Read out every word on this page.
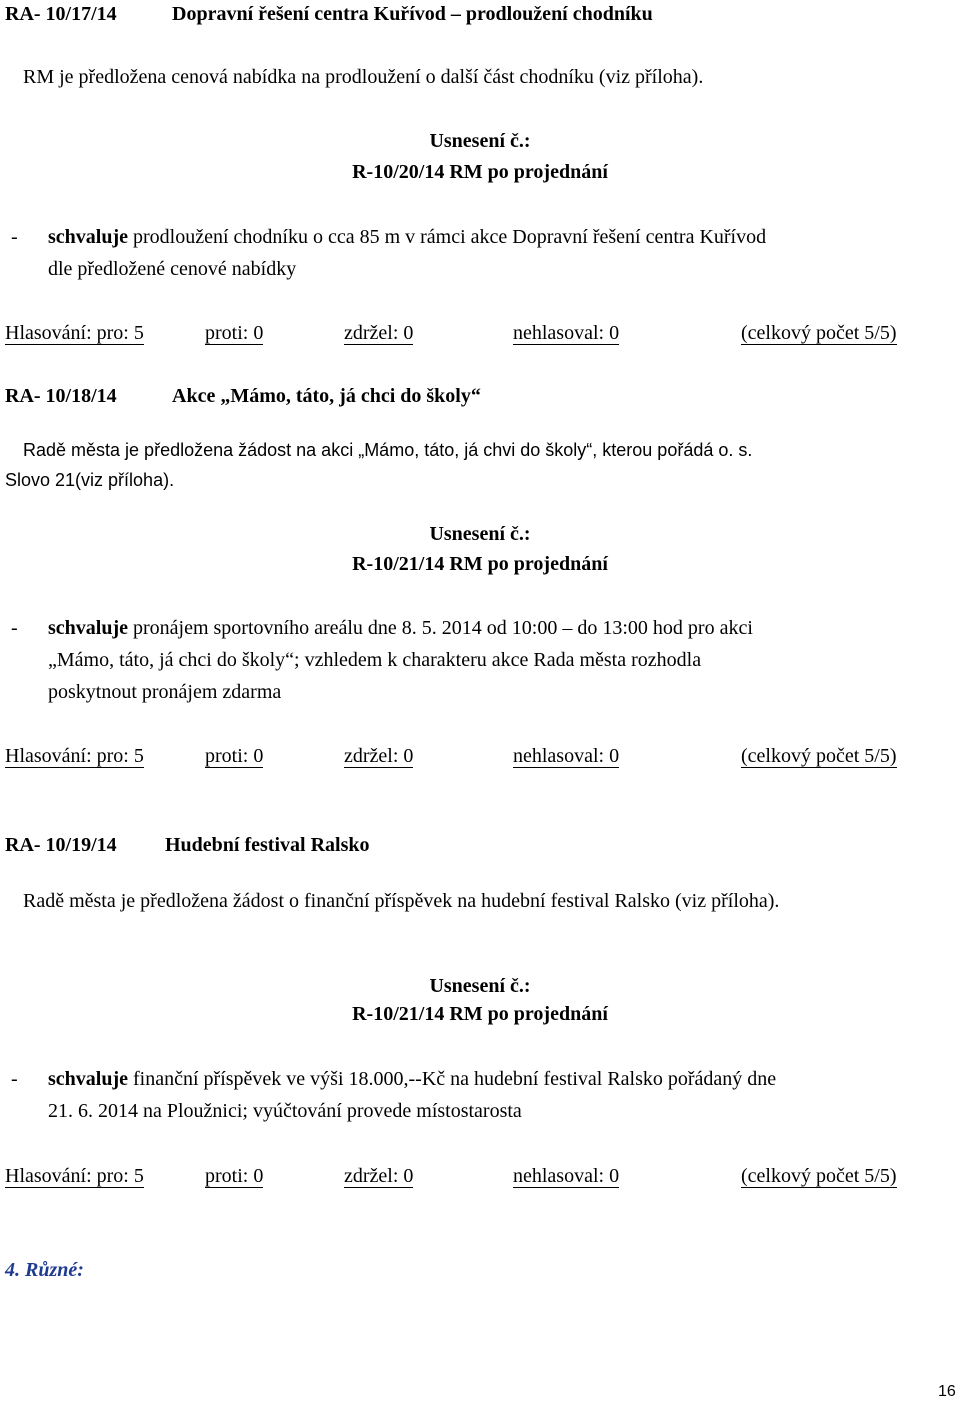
RA- 10/17/14	Dopravní řešení centra Kuřívod – prodloužení chodníku
RM je předložena cenová nabídka na prodloužení o další část chodníku (viz příloha).
Usnesení č.:
R-10/20/14 RM po projednání
- schvaluje prodloužení chodníku o cca 85 m v rámci akce Dopravní řešení centra Kuřívod
dle předložené cenové nabídky
Hlasování: pro: 5	proti: 0	zdržel: 0	nehlasoval: 0	(celkový počet 5/5)
RA- 10/18/14	Akce „Mámo, táto, já chci do školy“
Radě města je předložena žádost na akci „Mámo, táto, já chvi do školy“, kterou pořádá o. s.
Slovo 21(viz příloha).
Usnesení č.:
R-10/21/14 RM po projednání
- schvaluje pronájem sportovního areálu dne 8. 5. 2014 od 10:00 – do 13:00 hod pro akci
„Mámo, táto, já chci do školy“; vzhledem k charakteru akce Rada města rozhodla
poskytnout pronájem zdarma
Hlasování: pro: 5	proti: 0	zdržel: 0	nehlasoval: 0	(celkový počet 5/5)
RA- 10/19/14 Hudební festival Ralsko
Radě města je předložena žádost o finanční příspěvek na hudební festival Ralsko (viz příloha).
Usnesení č.:
R-10/21/14 RM po projednání
- schvaluje finanční příspěvek ve výši 18.000,--Kč na hudební festival Ralsko pořádaný dne
21. 6. 2014 na Ploužnici; vyúčtování provede místostarosta
Hlasování: pro: 5	proti: 0	zdržel: 0	nehlasoval: 0	(celkový počet 5/5)
4. Různé:
16
